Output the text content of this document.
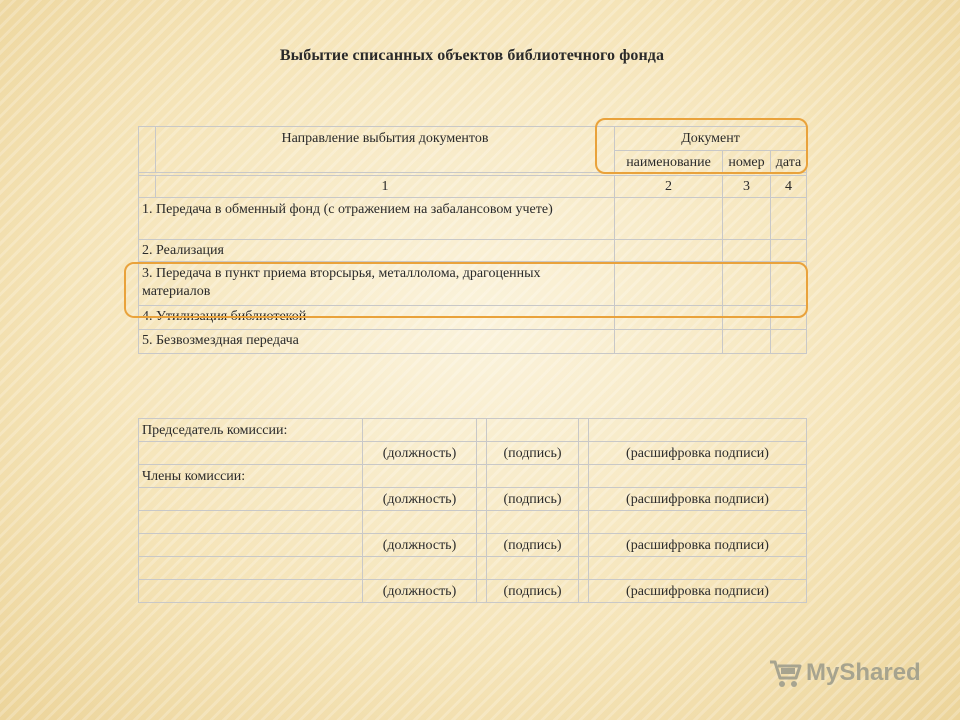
Выбытие списанных объектов библиотечного фонда
	Направление выбытия документов	Документ		
		наименование	номер	дата

	1	2	3	4
1. Передача в обменный фонд (с отражением на забалансовом учете)				
2. Реализация				
3. Передача в пункт приема вторсырья, металлолома, драгоценных материалов				
4. Утилизация библиотекой				
5. Безвозмездная передача				
Председатель комиссии:					
	(должность)		(подпись)		(расшифровка подписи)
Члены комиссии:					
	(должность)		(подпись)		(расшифровка подписи)

	(должность)		(подпись)		(расшифровка подписи)

	(должность)		(подпись)		(расшифровка подписи)
MyShared
